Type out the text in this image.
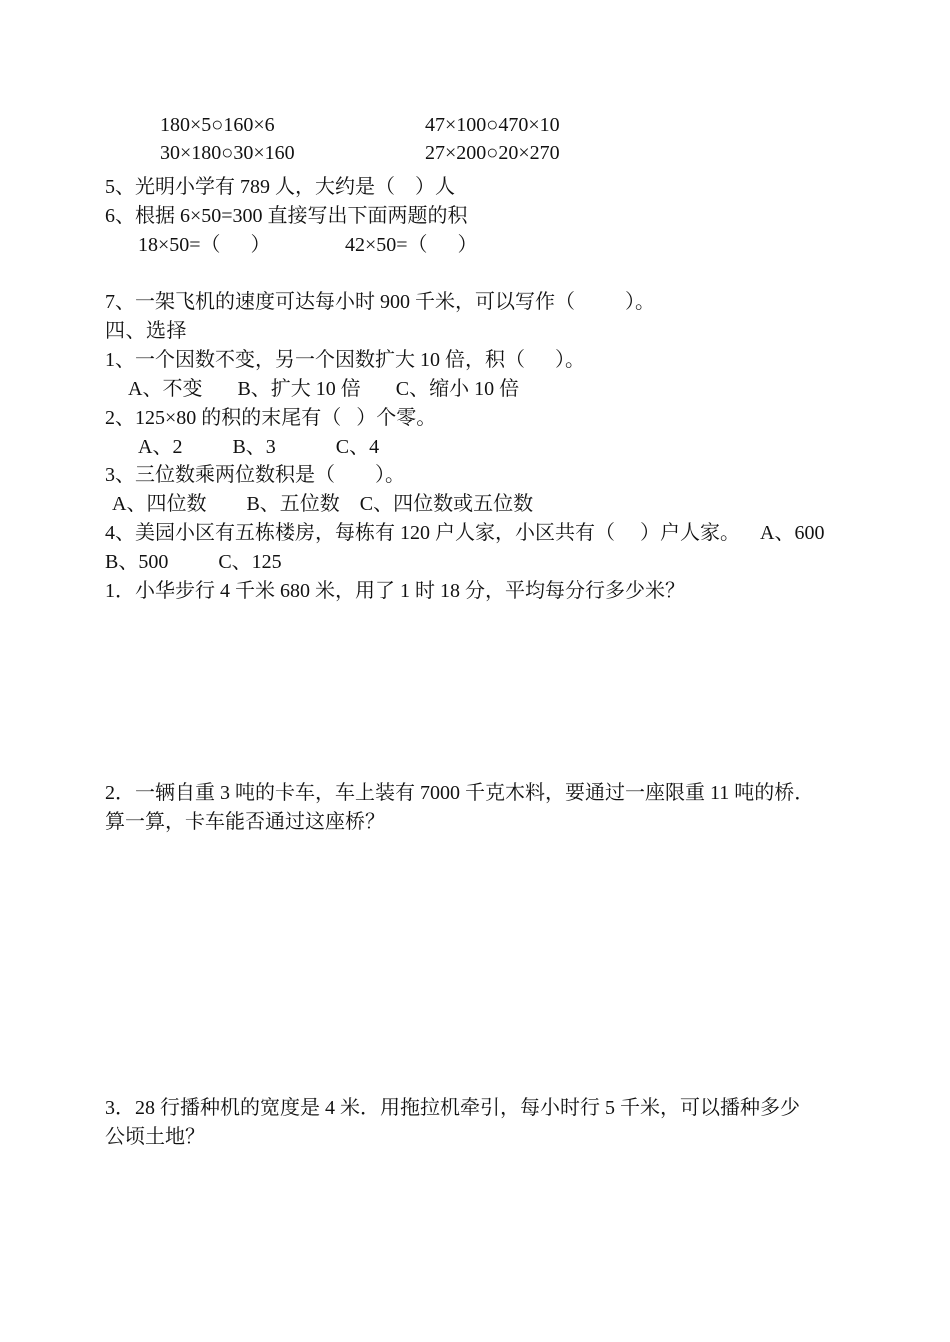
180×5○160×6	47×100○470×10
30×180○30×160	27×200○20×270
5、光明小学有 789 人，大约是（    ）人
6、根据 6×50=300 直接写出下面两题的积
18×50=（      ）	42×50=（      ）
7、一架飞机的速度可达每小时 900 千米，可以写作（          ）。
四、选择
1、一个因数不变，另一个因数扩大 10 倍，积（      ）。
A、不变       B、扩大 10 倍       C、缩小 10 倍
2、125×80 的积的末尾有（   ）个零。
A、2          B、3            C、4
3、三位数乘两位数积是（        ）。
A、四位数        B、五位数    C、四位数或五位数
4、美园小区有五栋楼房，每栋有 120 户人家，小区共有（     ）户人家。    A、600
B、500          C、125
1．小华步行 4 千米 680 米，用了 1 时 18 分，平均每分行多少米？
2．一辆自重 3 吨的卡车，车上装有 7000 千克木料，要通过一座限重 11 吨的桥．
算一算，卡车能否通过这座桥？
3．28 行播种机的宽度是 4 米．用拖拉机牵引，每小时行 5 千米，可以播种多少
公顷土地？
